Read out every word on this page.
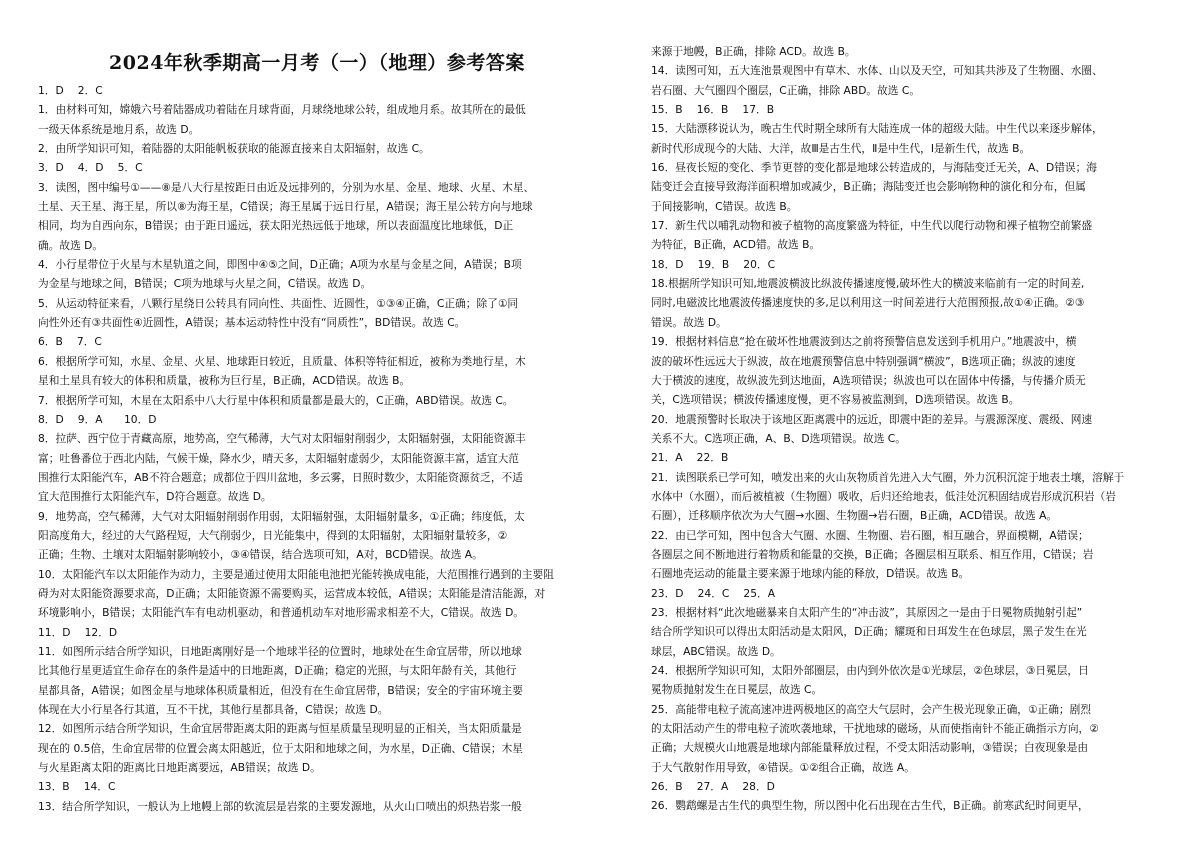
2024年秋季期高一月考（一）（地理）参考答案
1．D　 2．C
1．由材料可知，嫦娥六号着陆器成功着陆在月球背面，月球绕地球公转，组成地月系。故其所在的最低
一级天体系统是地月系，故选 D。
2．由所学知识可知，着陆器的太阳能帆板获取的能源直接来自太阳辐射，故选 C。
3．D　 4．D　 5．C
3．读图，图中编号①——⑧是八大行星按距日由近及远排列的，分别为水星、金星、地球、火星、木星、
土星、天王星、海王星，所以⑧为海王星，C错误；海王星属于远日行星，A错误；海王星公转方向与地球
相同，均为自西向东，B错误；由于距日遥远，获太阳光热远低于地球，所以表面温度比地球低，D正
确。故选 D。
4．小行星带位于火星与木星轨道之间，即图中④⑤之间，D正确；A项为水星与金星之间，A错误；B项
为金星与地球之间，B错误；C项为地球与火星之间，C错误。故选 D。
5．从运动特征来看，八颗行星绕日公转具有同向性、共面性、近圆性，①③④正确，C正确；除了①同
向性外还有③共面性④近圆性，A错误；基本运动特性中没有“同质性”，BD错误。故选 C。
6．B　 7．C
6．根据所学可知，水星、金星、火星、地球距日较近，且质量、体积等特征相近，被称为类地行星，木
星和土星具有较大的体积和质量，被称为巨行星，B正确，ACD错误。故选 B。
7．根据所学可知，木星在太阳系中八大行星中体积和质量都是最大的，C正确，ABD错误。故选 C。
8．D　 9．A　　10．D
8．拉萨、西宁位于青藏高原，地势高，空气稀薄，大气对太阳辐射削弱少，太阳辐射强，太阳能资源丰
富；吐鲁番位于西北内陆，气候干燥，降水少，晴天多，太阳辐射虚弱少，太阳能资源丰富，适宜大范
围推行太阳能汽车，AB不符合题意；成都位于四川盆地，多云雾，日照时数少，太阳能资源贫乏，不适
宜大范围推行太阳能汽车，D符合题意。故选 D。
9．地势高，空气稀薄，大气对太阳辐射削弱作用弱，太阳辐射强，太阳辐射量多，①正确；纬度低，太
阳高度角大，经过的大气路程短，大气削弱少，日光能集中，得到的太阳辐射，太阳辐射量较多，②
正确；生物、土壤对太阳辐射影响较小，③④错误，结合选项可知，A对，BCD错误。故选 A。
10．太阳能汽车以太阳能作为动力，主要是通过使用太阳能电池把光能转换成电能，大范围推行遇到的主要阻
碍为对太阳能资源要求高，D正确；太阳能资源不需要购买，运营成本较低，A错误；太阳能是清洁能源，对
环境影响小，B错误；太阳能汽车有电动机驱动，和普通机动车对地形需求相差不大，C错误。故选 D。
11．D　 12．D
11．如图所示结合所学知识，日地距离刚好是一个地球半径的位置时，地球处在生命宜居带，所以地球
比其他行星更适宜生命存在的条件是适中的日地距离，D正确；稳定的光照，与太阳年龄有关，其他行
星都具备，A错误；如图金星与地球体积质量相近，但没有在生命宜居带，B错误；安全的宇宙环境主要
体现在大小行星各行其道，互不干扰，其他行星都具备，C错误；故选 D。
12．如图所示结合所学知识，生命宜居带距离太阳的距离与恒星质量呈现明显的正相关，当太阳质量是
现在的 0.5倍，生命宜居带的位置会离太阳越近，位于太阳和地球之间，为水星，D正确、C错误；木星
与火星距离太阳的距离比日地距离要远，AB错误；故选 D。
13．B　 14．C
13．结合所学知识，一般认为上地幔上部的软流层是岩浆的主要发源地，从火山口喷出的炽热岩浆一般
来源于地幔，B正确，排除 ACD。故选 B。
14．读图可知，五大连池景观图中有草木、水体、山以及天空，可知其共涉及了生物圈、水圈、
岩石圈、大气圈四个圈层，C正确，排除 ABD。故选 C。
15．B　 16．B　 17．B
15．大陆漂移说认为，晚古生代时期全球所有大陆连成一体的超级大陆。中生代以来逐步解体，
新时代形成现今的大陆、大洋，故Ⅲ是古生代，Ⅱ是中生代，Ⅰ是新生代，故选 B。
16．昼夜长短的变化、季节更替的变化都是地球公转造成的，与海陆变迁无关，A、D错误；海
陆变迁会直接导致海洋面积增加或减少，B正确；海陆变迁也会影响物种的演化和分布，但属
于间接影响，C错误。故选 B。
17．新生代以哺乳动物和被子植物的高度繁盛为特征，中生代以爬行动物和裸子植物空前繁盛
为特征，B正确，ACD错。故选 B。
18．D　 19．B　 20．C
18.根据所学知识可知,地震波横波比纵波传播速度慢,破坏性大的横波来临前有一定的时间差,
同时,电磁波比地震波传播速度快的多,足以利用这一时间差进行大范围预报,故①④正确。②③
错误。故选 D。
19．根据材料信息“抢在破坏性地震波到达之前将预警信息发送到手机用户。”地震波中，横
波的破坏性远远大于纵波，故在地震预警信息中特别强调“横波”，B选项正确；纵波的速度
大于横波的速度，故纵波先到达地面，A选项错误；纵波也可以在固体中传播，与传播介质无
关，C选项错误；横波传播速度慢，更不容易被监测到，D选项错误。故选 B。
20．地震预警时长取决于该地区距离震中的远近，即震中距的差异。与震源深度、震级、网速
关系不大。C选项正确，A、B、D选项错误。故选 C。
21．A　 22．B
21．读图联系已学可知，喷发出来的火山灰物质首先进入大气圈，外力沉积沉淀于地表土壤，溶解于
水体中（水圈），而后被植被（生物圈）吸收，后归还给地表，低洼处沉积固结成岩形成沉积岩（岩
石圈），迁移顺序依次为大气圈→水圈、生物圈→岩石圈，B正确，ACD错误。故选 A。
22．由已学可知，图中包含大气圈、水圈、生物圈、岩石圈，相互融合，界面模糊，A错误；
各圈层之间不断地进行着物质和能量的交换，B正确；各圈层相互联系、相互作用，C错误；岩
石圈地壳运动的能量主要来源于地球内能的释放，D错误。故选 B。
23．D　 24．C　 25．A
23．根据材料“此次地磁暴来自太阳产生的“冲击波”，其原因之一是由于日冕物质抛射引起”
结合所学知识可以得出太阳活动是太阳风，D正确；耀斑和日珥发生在色球层，黑子发生在光
球层，ABC错误。故选 D。
24．根据所学知识可知，太阳外部圈层，由内到外依次是①光球层，②色球层，③日冕层，日
冕物质抛射发生在日冕层，故选 C。
25．高能带电粒子流高速冲进两极地区的高空大气层时，会产生极光现象正确，①正确；剧烈
的太阳活动产生的带电粒子流吹袭地球，干扰地球的磁场，从而使指南针不能正确指示方向，②
正确；大规模火山地震是地球内部能量释放过程，不受太阳活动影响，③错误；白夜现象是由
于大气散射作用导致，④错误。①②组合正确，故选 A。
26．B　 27．A　 28．D
26．鹦鹉螺是古生代的典型生物，所以图中化石出现在古生代，B正确。前寒武纪时间更早，
